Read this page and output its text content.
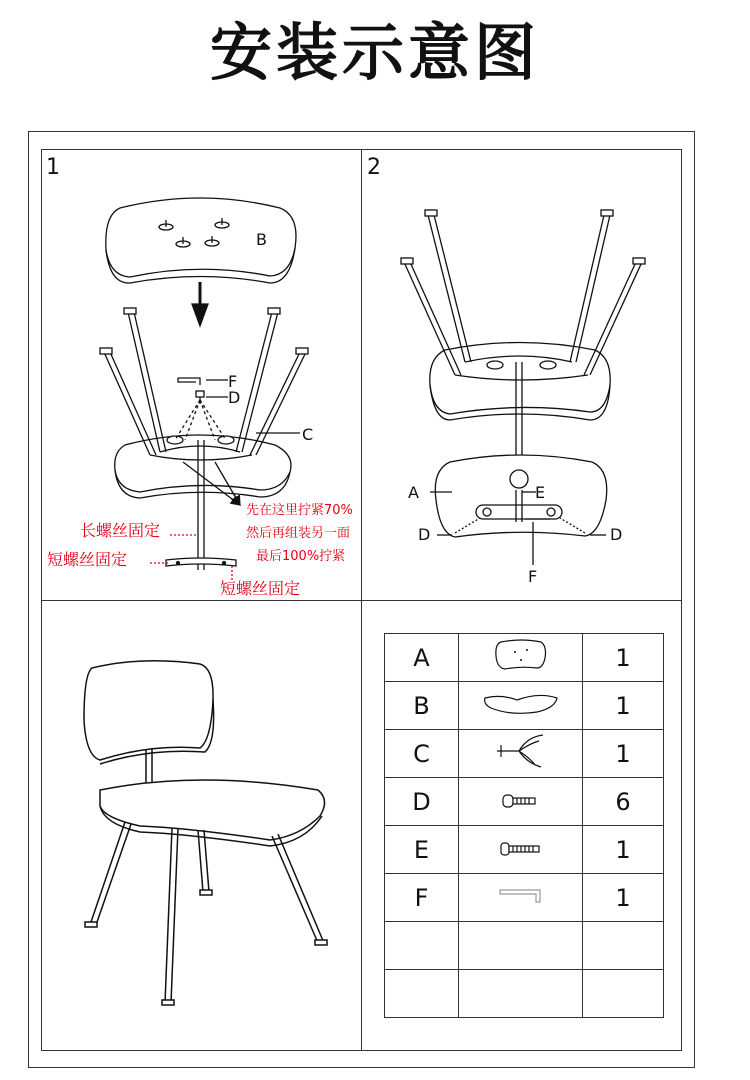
安装示意图
1	2
B
C
F
D
长螺丝固定
短螺丝固定
短螺丝固定
先在这里拧紧70%
然后再组装另一面
最后100%拧紧
A	E
D	D
F
A		1
B		1
C		1
D		6
E		1
F		1
